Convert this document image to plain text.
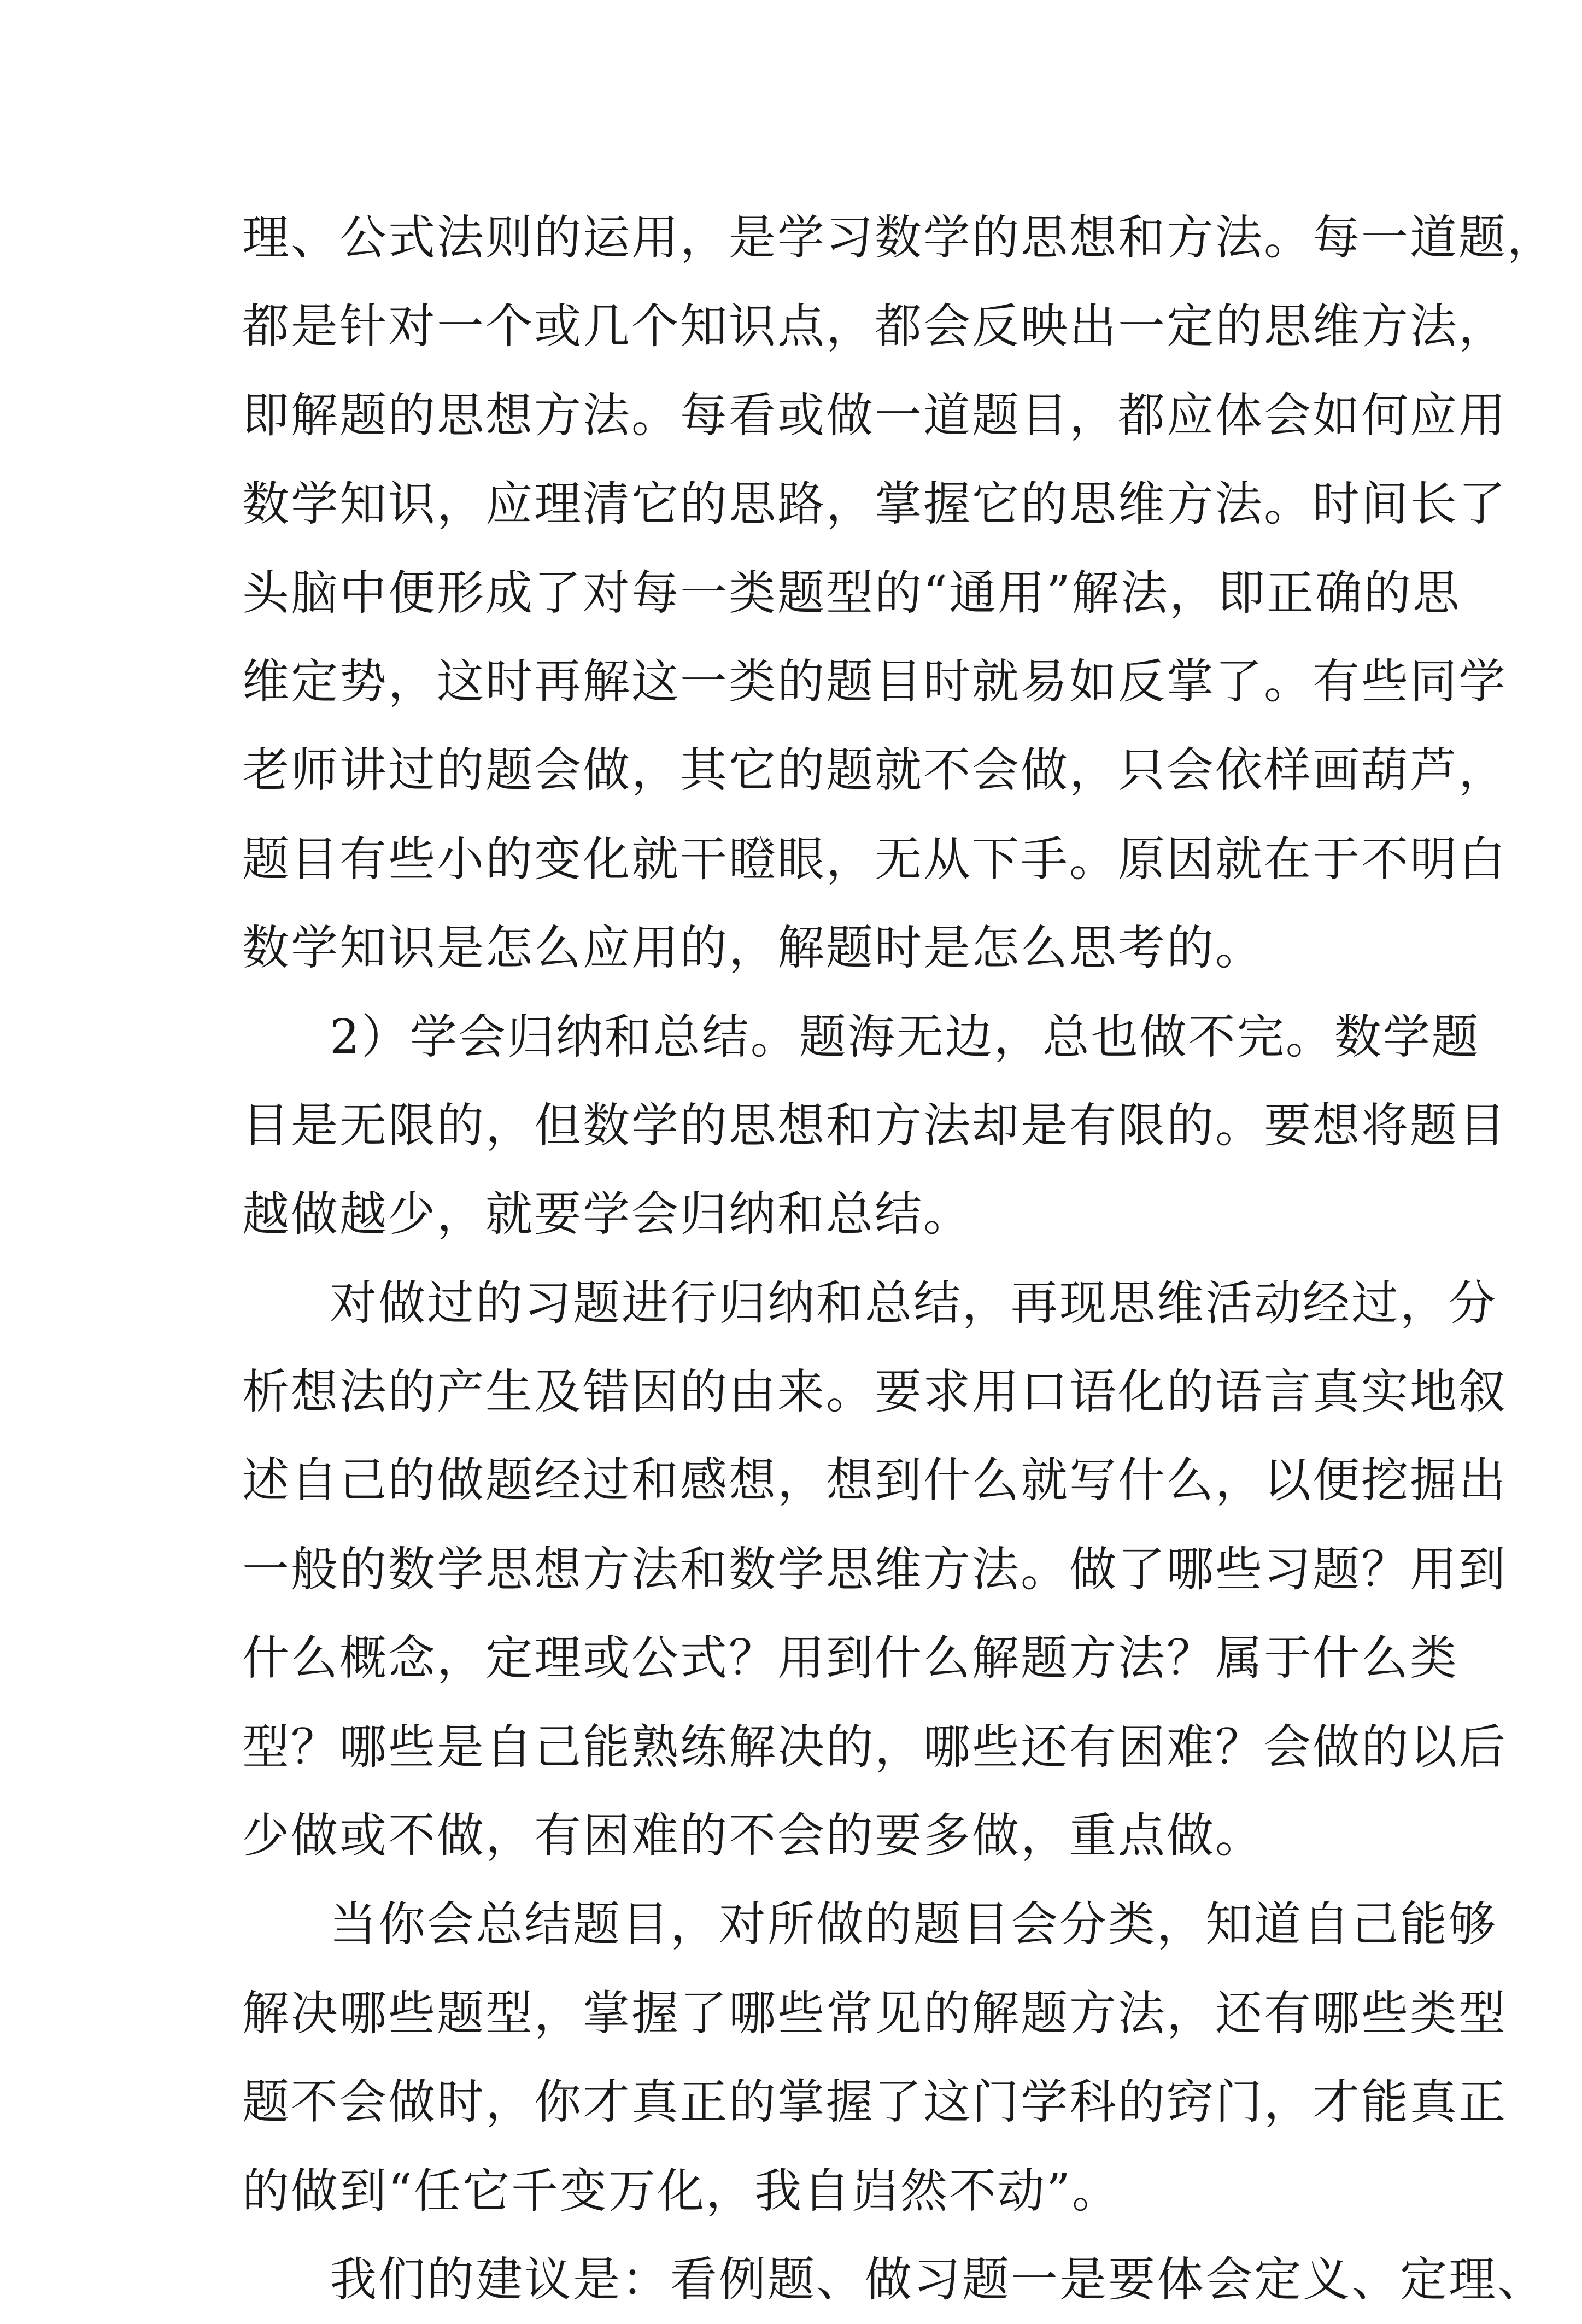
理、公式法则的运用，是学习数学的思想和方法。每一道题，
都是针对一个或几个知识点，都会反映出一定的思维方法，
即解题的思想方法。每看或做一道题目，都应体会如何应用
数学知识，应理清它的思路，掌握它的思维方法。时间长了
头脑中便形成了对每一类题型的“通用”解法，即正确的思
维定势，这时再解这一类的题目时就易如反掌了。有些同学
老师讲过的题会做，其它的题就不会做，只会依样画葫芦，
题目有些小的变化就干瞪眼，无从下手。原因就在于不明白
数学知识是怎么应用的，解题时是怎么思考的。
2）学会归纳和总结。题海无边，总也做不完。数学题
目是无限的，但数学的思想和方法却是有限的。要想将题目
越做越少，就要学会归纳和总结。
对做过的习题进行归纳和总结，再现思维活动经过，分
析想法的产生及错因的由来。要求用口语化的语言真实地叙
述自己的做题经过和感想，想到什么就写什么，以便挖掘出
一般的数学思想方法和数学思维方法。做了哪些习题？用到
什么概念，定理或公式？用到什么解题方法？属于什么类
型？哪些是自己能熟练解决的，哪些还有困难？会做的以后
少做或不做，有困难的不会的要多做，重点做。
当你会总结题目，对所做的题目会分类，知道自己能够
解决哪些题型，掌握了哪些常见的解题方法，还有哪些类型
题不会做时，你才真正的掌握了这门学科的窍门，才能真正
的做到“任它千变万化，我自岿然不动”。
我们的建议是：看例题、做习题一是要体会定义、定理、
